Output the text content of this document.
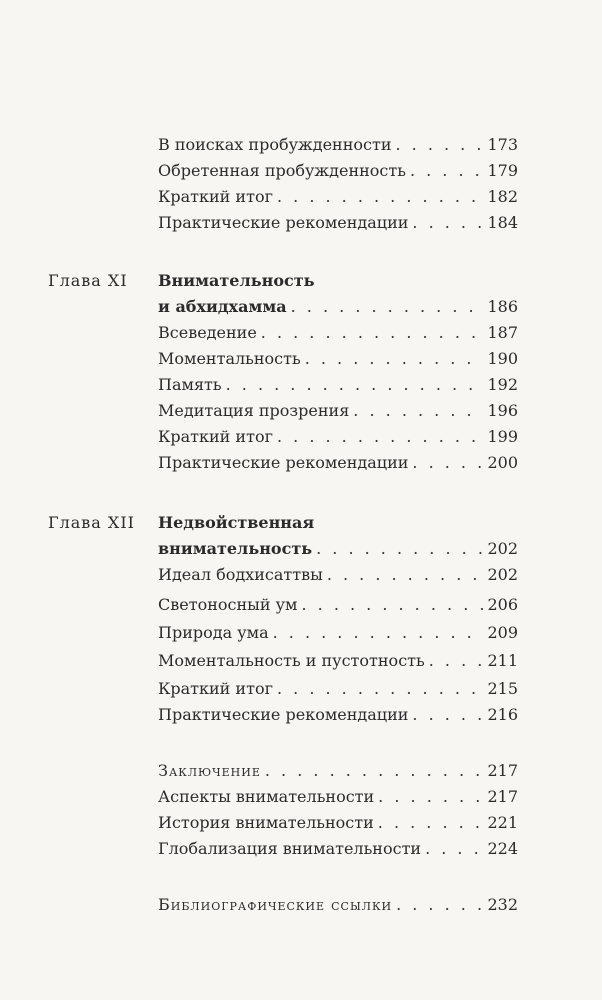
В поисках пробужденности . . .	173
Обретенная пробужденность . . .	179
Краткий итог . . .	182
Практические рекомендации . . .	184
Глава XI Внимательность
и абхидхамма . . .	186
Всеведение . . .	187
Моментальность . . .	190
Память . . .	192
Медитация прозрения . . .	196
Краткий итог . . .	199
Практические рекомендации . . .	200
Глава XII Недвойственная
внимательность . . .	202
Идеал бодхисаттвы . . .	202
Светоносный ум . . .	206
Природа ума . . .	209
Моментальность и пустотность . . .	211
Краткий итог . . .	215
Практические рекомендации . . .	216
Заключение . . .	217
Аспекты внимательности . . .	217
История внимательности . . .	221
Глобализация внимательности . . .	224
Библиографические ссылки . . .	232
